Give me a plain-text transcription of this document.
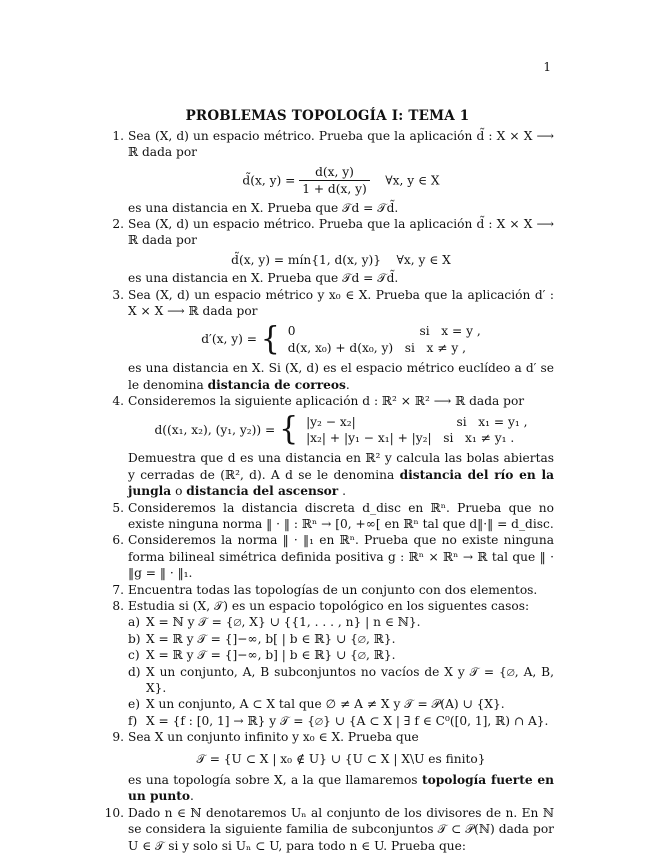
1
PROBLEMAS TOPOLOGÍA I: TEMA 1
1. Sea (X, d) un espacio métrico. Prueba que la aplicación d̃ : X × X ⟶ ℝ dada por
d̃(x, $y) = \frac{d(x, y)}{1 + d(x, y)}$ ∀x, y ∈ X
es una distancia en X. Prueba que 𝒯d = 𝒯d̃.
2. Sea (X, d) un espacio métrico. Prueba que la aplicación d̃ : X × X ⟶ ℝ dada por
d̃(x, y) = mín{1, d(x, y)}    ∀x, y ∈ X
es una distancia en X. Prueba que 𝒯d = 𝒯d̃.
3. Sea (X, d) un espacio métrico y x₀ ∈ X. Prueba que la aplicación d′ : X × X ⟶ ℝ dada por
d′(x, y) = { 0                                si   x = y ,
d(x, x₀) + d(x₀, y)   si   x ≠ y ,
es una distancia en X. Si (X, d) es el espacio métrico euclídeo a d′ se le denomina distancia de correos.
4. Consideremos la siguiente aplicación d : ℝ² × ℝ² ⟶ ℝ dada por
d((x₁, x₂), (y₁, y₂)) = { |y₂ − x₂|                          si   x₁ = y₁ ,
|x₂| + |y₁ − x₁| + |y₂|   si   x₁ ≠ y₁ .
Demuestra que d es una distancia en ℝ² y calcula las bolas abiertas y cerradas de (ℝ², d). A d se le denomina distancia del río en la jungla o distancia del ascensor .
5. Consideremos la distancia discreta d_disc en ℝⁿ. Prueba que no existe ninguna norma ‖ · ‖ : ℝⁿ → [0, +∞[ en ℝⁿ tal que d‖·‖ = d_disc.
6. Consideremos la norma ‖ · ‖₁ en ℝⁿ. Prueba que no existe ninguna forma bilineal simétrica definida positiva g : ℝⁿ × ℝⁿ → ℝ tal que ‖ · ‖g = ‖ · ‖₁.
7. Encuentra todas las topologías de un conjunto con dos elementos.
8. Estudia si (X, 𝒯) es un espacio topológico en los siguentes casos:
a) X = ℕ y 𝒯 = {∅, X} ∪ {{1, . . . , n} | n ∈ ℕ}.
b) X = ℝ y 𝒯 = {]−∞, b[ | b ∈ ℝ} ∪ {∅, ℝ}.
c) X = ℝ y 𝒯 = {]−∞, b] | b ∈ ℝ} ∪ {∅, ℝ}.
d) X un conjunto, A, B subconjuntos no vacíos de X y 𝒯 = {∅, A, B, X}.
e) X un conjunto, A ⊂ X tal que ∅ ≠ A ≠ X y 𝒯 = 𝒫(A) ∪ {X}.
f) X = {f : [0, 1] → ℝ} y 𝒯 = {∅} ∪ {A ⊂ X | ∃ f ∈ C⁰([0, 1], ℝ) ∩ A}.
9. Sea X un conjunto infinito y x₀ ∈ X. Prueba que
𝒯 = {U ⊂ X | x₀ ∉ U} ∪ {U ⊂ X | X\U es finito}
es una topología sobre X, a la que llamaremos topología fuerte en un punto.
10. Dado n ∈ ℕ denotaremos Uₙ al conjunto de los divisores de n. En ℕ se considera la siguiente familia de subconjuntos 𝒯 ⊂ 𝒫(ℕ) dada por U ∈ 𝒯 si y solo si Uₙ ⊂ U, para todo n ∈ U. Prueba que:
